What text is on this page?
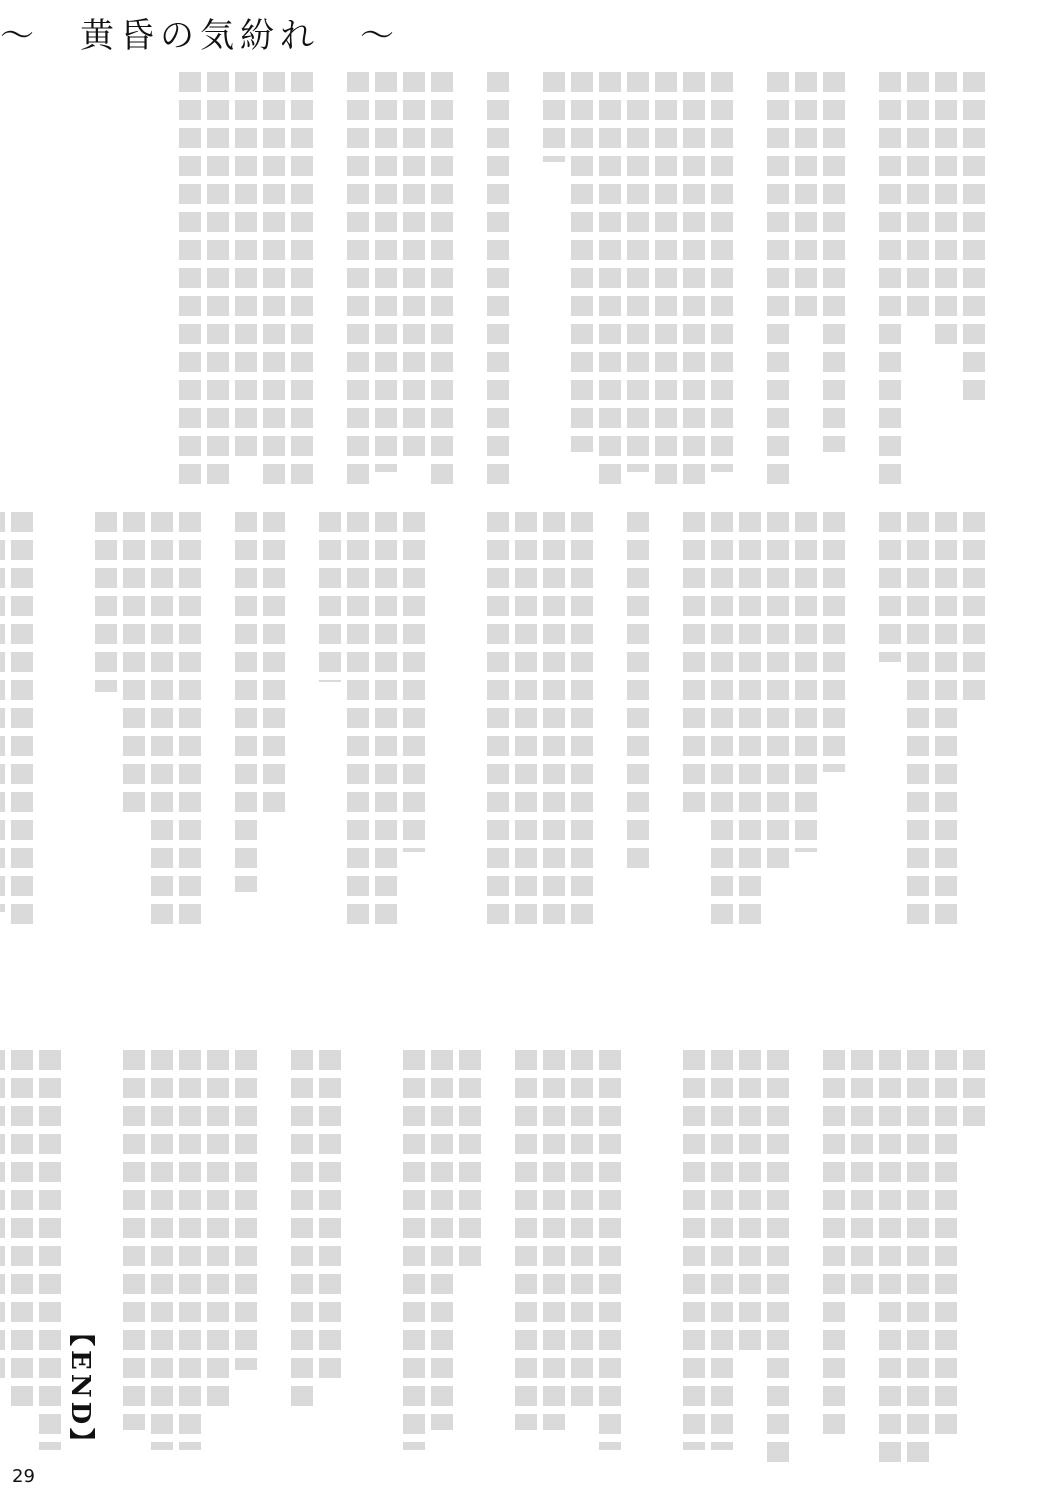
〜　黄昏の気紛れ　〜
【END】
29
